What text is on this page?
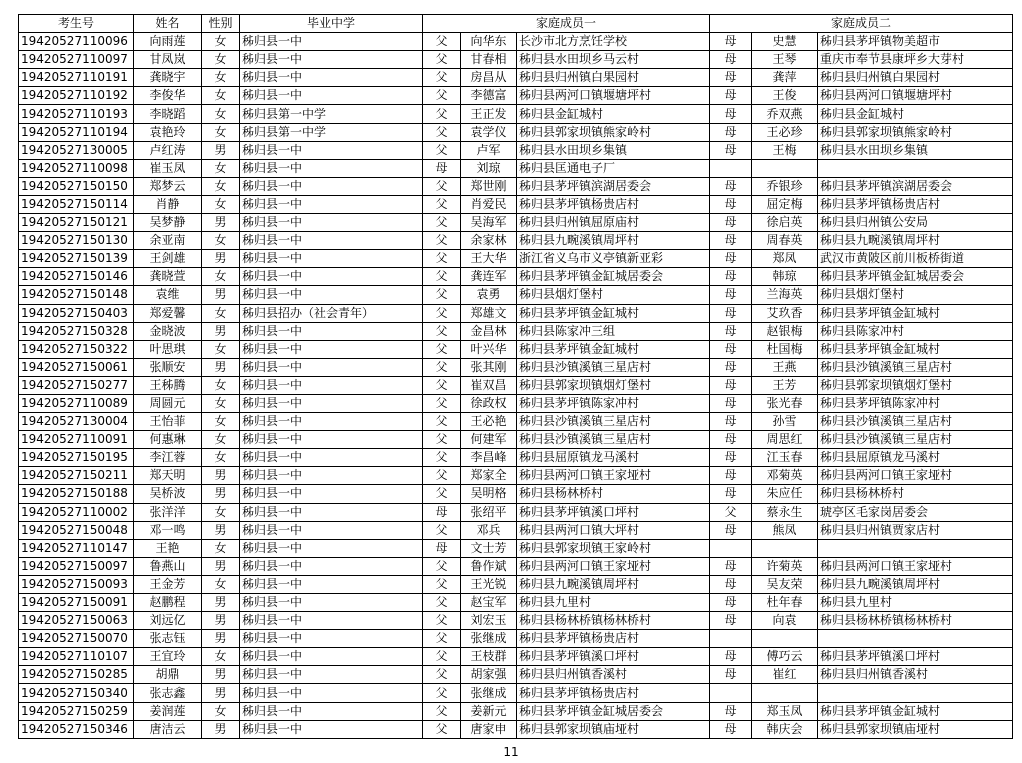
考生号	姓名	性别	毕业中学	家庭成员一			家庭成员二		
19420527110096	向雨莲	女	秭归县一中	父	向华东	长沙市北方烹饪学校	母	史慧	秭归县茅坪镇物美超市
19420527110097	甘凤岚	女	秭归县一中	父	甘春相	秭归县水田坝乡马云村	母	王琴	重庆市奉节县康坪乡大芽村
19420527110191	龚晓宇	女	秭归县一中	父	房昌从	秭归县归州镇白果园村	母	龚萍	秭归县归州镇白果园村
19420527110192	李俊华	女	秭归县一中	父	李德富	秭归县两河口镇堰塘坪村	母	王俊	秭归县两河口镇堰塘坪村
19420527110193	李晓蹈	女	秭归县第一中学	父	王正发	秭归县金缸城村	母	乔双燕	秭归县金缸城村
19420527110194	袁艳玲	女	秭归县第一中学	父	袁学仪	秭归县郭家坝镇熊家岭村	母	王必珍	秭归县郭家坝镇熊家岭村
19420527130005	卢红涛	男	秭归县一中	父	卢军	秭归县水田坝乡集镇	母	王梅	秭归县水田坝乡集镇
19420527110098	崔玉凤	女	秭归县一中	母	刘琼	秭归县匡通电子厂			
19420527150150	郑梦云	女	秭归县一中	父	郑世刚	秭归县茅坪镇滨湖居委会	母	乔银珍	秭归县茅坪镇滨湖居委会
19420527150114	肖静	女	秭归县一中	父	肖爱民	秭归县茅坪镇杨贵店村	母	屈定梅	秭归县茅坪镇杨贵店村
19420527150121	吴梦静	男	秭归县一中	父	吴海军	秭归县归州镇屈原庙村	母	徐启英	秭归县归州镇公安局
19420527150130	余亚南	女	秭归县一中	父	余家林	秭归县九畹溪镇周坪村	母	周春英	秭归县九畹溪镇周坪村
19420527150139	王剑雄	男	秭归县一中	父	王大华	浙江省义乌市义亭镇新亚彩	母	郑凤	武汉市黄陂区前川板桥街道
19420527150146	龚晓萱	女	秭归县一中	父	龚连军	秭归县茅坪镇金缸城居委会	母	韩琼	秭归县茅坪镇金缸城居委会
19420527150148	袁维	男	秭归县一中	父	袁勇	秭归县烟灯堡村	母	兰海英	秭归县烟灯堡村
19420527150403	郑爱馨	女	秭归县招办（社会青年）	父	郑雄文	秭归县茅坪镇金缸城村	母	艾玖香	秭归县茅坪镇金缸城村
19420527150328	金晓波	男	秭归县一中	父	金昌林	秭归县陈家冲三组	母	赵银梅	秭归县陈家冲村
19420527150322	叶思琪	女	秭归县一中	父	叶兴华	秭归县茅坪镇金缸城村	母	杜国梅	秭归县茅坪镇金缸城村
19420527150061	张顺安	男	秭归县一中	父	张其刚	秭归县沙镇溪镇三星店村	母	王燕	秭归县沙镇溪镇三星店村
19420527150277	王秭腾	女	秭归县一中	父	崔双昌	秭归县郭家坝镇烟灯堡村	母	王芳	秭归县郭家坝镇烟灯堡村
19420527110089	周圆元	女	秭归县一中	父	徐政权	秭归县茅坪镇陈家冲村	母	张光春	秭归县茅坪镇陈家冲村
19420527130004	王怡菲	女	秭归县一中	父	王必艳	秭归县沙镇溪镇三星店村	母	孙雪	秭归县沙镇溪镇三星店村
19420527110091	何惠琳	女	秭归县一中	父	何建军	秭归县沙镇溪镇三星店村	母	周思红	秭归县沙镇溪镇三星店村
19420527150195	李江蓉	女	秭归县一中	父	李昌峰	秭归县屈原镇龙马溪村	母	江玉春	秭归县屈原镇龙马溪村
19420527150211	郑天明	男	秭归县一中	父	郑家全	秭归县两河口镇王家垭村	母	邓菊英	秭归县两河口镇王家垭村
19420527150188	吴桥波	男	秭归县一中	父	吴明格	秭归县杨林桥村	母	朱应任	秭归县杨林桥村
19420527110002	张洋洋	女	秭归县一中	母	张绍平	秭归县茅坪镇溪口坪村	父	蔡永生	琥亭区毛家岗居委会
19420527150048	邓一鸣	男	秭归县一中	父	邓兵	秭归县两河口镇大坪村	母	熊凤	秭归县归州镇贾家店村
19420527110147	王艳	女	秭归县一中	母	文士芳	秭归县郭家坝镇王家岭村			
19420527150097	鲁燕山	男	秭归县一中	父	鲁作斌	秭归县两河口镇王家垭村	母	许菊英	秭归县两河口镇王家垭村
19420527150093	王金芳	女	秭归县一中	父	王光锐	秭归县九畹溪镇周坪村	母	吴友荣	秭归县九畹溪镇周坪村
19420527150091	赵鹏程	男	秭归县一中	父	赵宝军	秭归县九里村	母	杜年春	秭归县九里村
19420527150063	刘远亿	男	秭归县一中	父	刘宏玉	秭归县杨林桥镇杨林桥村	母	向袁	秭归县杨林桥镇杨林桥村
19420527150070	张志钰	男	秭归县一中	父	张继成	秭归县茅坪镇杨贵店村			
19420527110107	王宜玲	女	秭归县一中	父	王枝群	秭归县茅坪镇溪口坪村	母	傅巧云	秭归县茅坪镇溪口坪村
19420527150285	胡鼎	男	秭归县一中	父	胡家强	秭归县归州镇香溪村	母	崔红	秭归县归州镇香溪村
19420527150340	张志鑫	男	秭归县一中	父	张继成	秭归县茅坪镇杨贵店村			
19420527150259	姜润莲	女	秭归县一中	父	姜新元	秭归县茅坪镇金缸城居委会	母	郑玉凤	秭归县茅坪镇金缸城村
19420527150346	唐洁云	男	秭归县一中	父	唐家申	秭归县郭家坝镇庙垭村	母	韩庆会	秭归县郭家坝镇庙垭村
11
